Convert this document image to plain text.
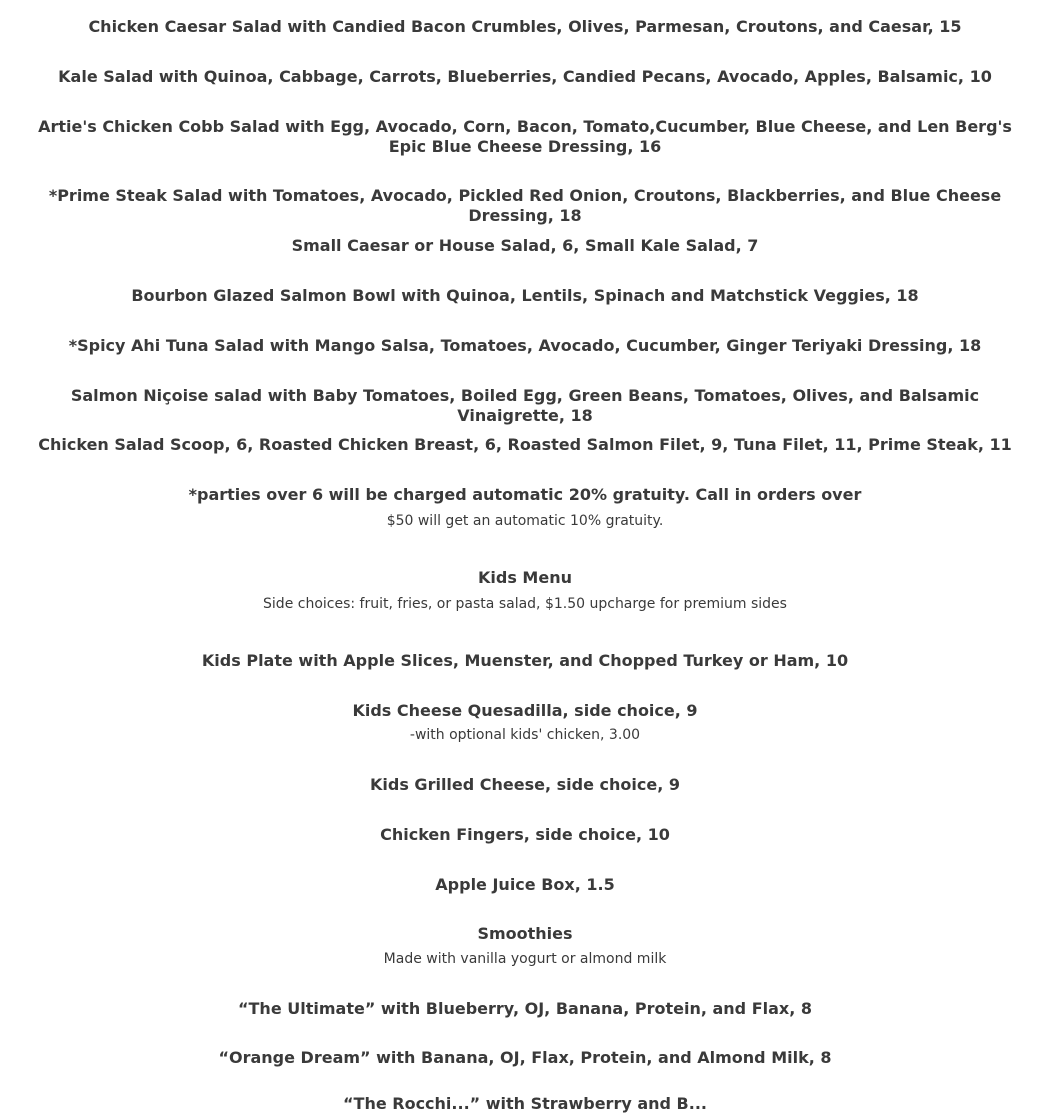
Chicken Caesar Salad with Candied Bacon Crumbles, Olives, Parmesan, Croutons, and Caesar, 15

Kale Salad with Quinoa, Cabbage, Carrots, Blueberries, Candied Pecans, Avocado, Apples, Balsamic, 10

Artie's Chicken Cobb Salad with Egg, Avocado, Corn, Bacon, Tomato,Cucumber, Blue Cheese, and Len Berg's Epic Blue Cheese Dressing, 16

*Prime Steak Salad with Tomatoes, Avocado, Pickled Red Onion, Croutons, Blackberries, and Blue Cheese Dressing, 18

Small Caesar or House Salad, 6, Small Kale Salad, 7

Bourbon Glazed Salmon Bowl with Quinoa, Lentils, Spinach and Matchstick Veggies, 18

*Spicy Ahi Tuna Salad with Mango Salsa, Tomatoes, Avocado, Cucumber, Ginger Teriyaki Dressing, 18

Salmon Niçoise salad with Baby Tomatoes, Boiled Egg, Green Beans, Tomatoes, Olives, and Balsamic Vinaigrette, 18

Chicken Salad Scoop, 6, Roasted Chicken Breast, 6, Roasted Salmon Filet, 9, Tuna Filet, 11, Prime Steak, 11

*parties over 6 will be charged automatic 20% gratuity. Call in orders over

$50 will get an automatic 10% gratuity.

Kids Menu

Side choices: fruit, fries, or pasta salad, $1.50 upcharge for premium sides

Kids Plate with Apple Slices, Muenster, and Chopped Turkey or Ham, 10

Kids Cheese Quesadilla, side choice, 9

-with optional kids' chicken, 3.00

Kids Grilled Cheese, side choice, 9

Chicken Fingers, side choice, 10

Apple Juice Box, 1.5

Smoothies

Made with vanilla yogurt or almond milk

“The Ultimate” with Blueberry, OJ, Banana, Protein, and Flax, 8

“Orange Dream” with Banana, OJ, Flax, Protein, and Almond Milk, 8

“The Rocchi...” with Strawberry and B...
